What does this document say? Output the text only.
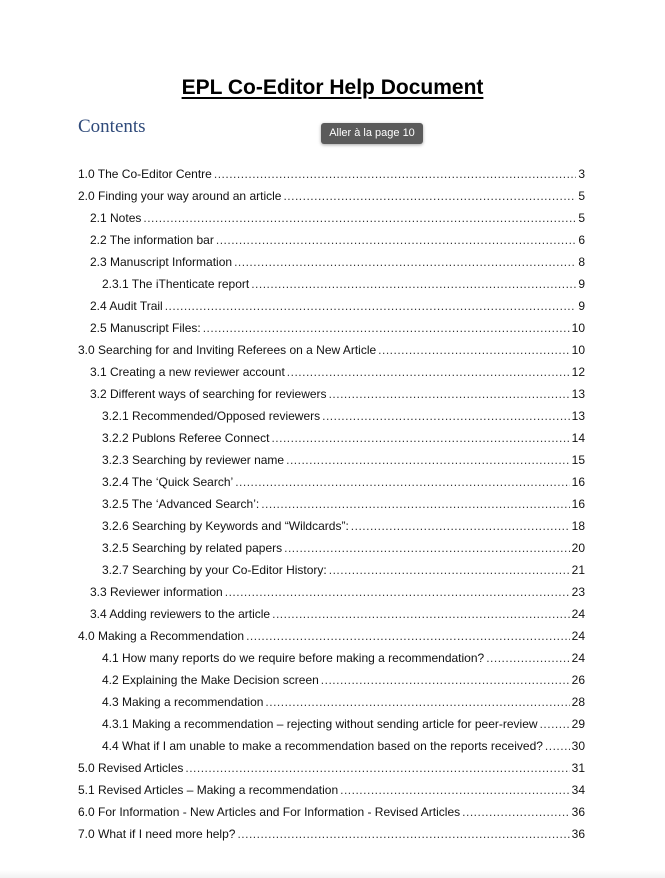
EPL Co-Editor Help Document
Contents	Aller à la page 10
1.0 The Co-Editor Centre .....	3
2.0 Finding your way around an article .....	5
2.1 Notes .....	5
2.2 The information bar .....	6
2.3 Manuscript Information .....	8
2.3.1 The iThenticate report .....	9
2.4 Audit Trail .....	9
2.5 Manuscript Files: .....	10
3.0 Searching for and Inviting Referees on a New Article .....	10
3.1 Creating a new reviewer account .....	12
3.2 Different ways of searching for reviewers .....	13
3.2.1 Recommended/Opposed reviewers .....	13
3.2.2 Publons Referee Connect .....	14
3.2.3 Searching by reviewer name .....	15
3.2.4 The ‘Quick Search’ .....	16
3.2.5 The ‘Advanced Search’: .....	16
3.2.6 Searching by Keywords and “Wildcards”: .....	18
3.2.5 Searching by related papers .....	20
3.2.7 Searching by your Co-Editor History: .....	21
3.3 Reviewer information .....	23
3.4 Adding reviewers to the article .....	24
4.0 Making a Recommendation .....	24
4.1 How many reports do we require before making a recommendation? .....	24
4.2 Explaining the Make Decision screen .....	26
4.3 Making a recommendation .....	28
4.3.1 Making a recommendation – rejecting without sending article for peer-review .....	29
4.4 What if I am unable to make a recommendation based on the reports received? ..... 30
5.0 Revised Articles .....	31
5.1 Revised Articles – Making a recommendation .....	34
6.0 For Information - New Articles and For Information - Revised Articles .....	36
7.0 What if I need more help? .....	36
